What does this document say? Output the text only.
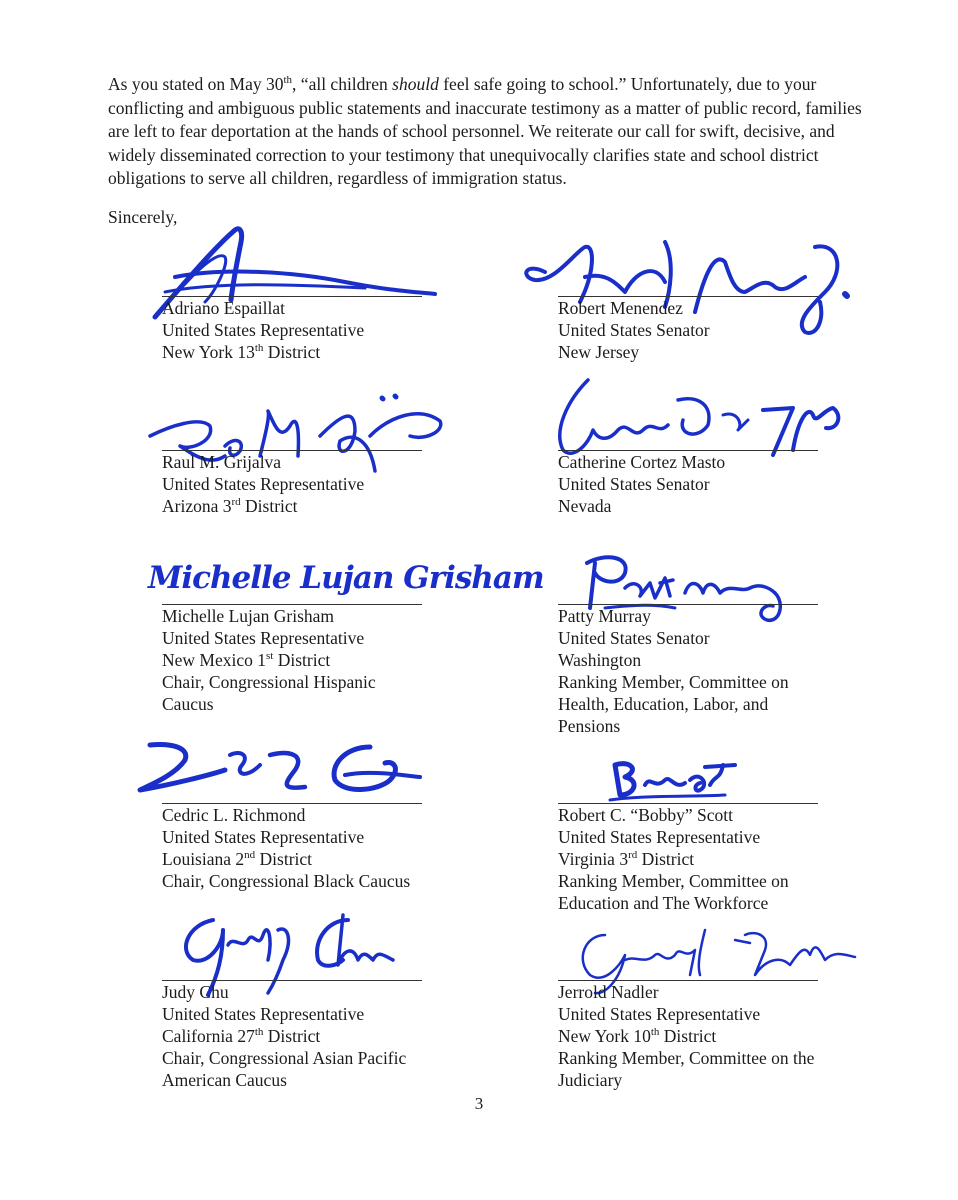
As you stated on May 30th, “all children should feel safe going to school.” Unfortunately, due to your conflicting and ambiguous public statements and inaccurate testimony as a matter of public record, families are left to fear deportation at the hands of school personnel. We reiterate our call for swift, decisive, and widely disseminated correction to your testimony that unequivocally clarifies state and school district obligations to serve all children, regardless of immigration status.

Sincerely,

Adriano Espaillat
United States Representative
New York 13th District
Robert Menendez
United States Senator
New Jersey
Raul M. Grijalva
United States Representative
Arizona 3rd District
Catherine Cortez Masto
United States Senator
Nevada
Michelle Lujan Grisham
Michelle Lujan Grisham
United States Representative
New Mexico 1st District
Chair, Congressional Hispanic
Caucus
Patty Murray
United States Senator
Washington
Ranking Member, Committee on
Health, Education, Labor, and
Pensions
Cedric L. Richmond
United States Representative
Louisiana 2nd District
Chair, Congressional Black Caucus
Robert C. “Bobby” Scott
United States Representative
Virginia 3rd District
Ranking Member, Committee on
Education and The Workforce
Judy Chu
United States Representative
California 27th District
Chair, Congressional Asian Pacific
American Caucus
Jerrold Nadler
United States Representative
New York 10th District
Ranking Member, Committee on the
Judiciary
3
